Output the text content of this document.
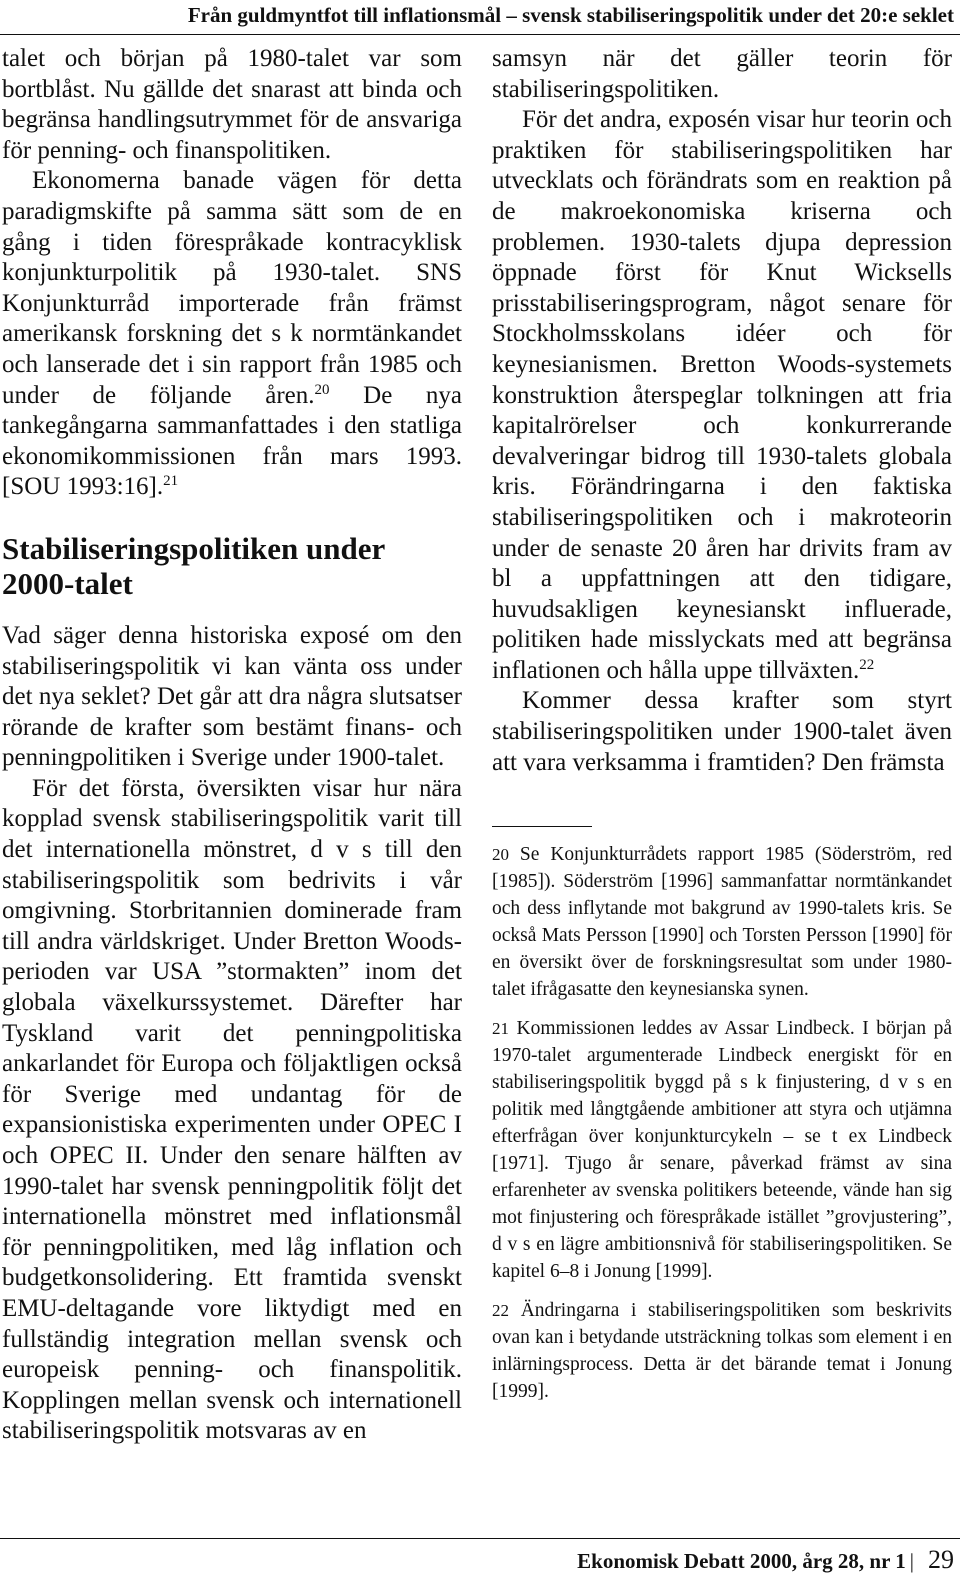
Från guldmyntfot till inflationsmål – svensk stabiliseringspolitik under det 20:e seklet

talet och början på 1980-talet var som bortblåst. Nu gällde det snarast att binda och begränsa handlingsutrymmet för de ansvariga för penning- och finanspolitiken.

Ekonomerna banade vägen för detta paradigmskifte på samma sätt som de en gång i tiden förespråkade kontracyklisk konjunkturpolitik på 1930-talet. SNS Konjunkturråd importerade från främst amerikansk forskning det s k normtänkandet och lanserade det i sin rapport från 1985 och under de följande åren.$^{20}$ De nya tankegångarna sammanfattades i den statliga ekonomikommissionen från mars 1993. [SOU 1993:16].$^{21}$

Stabiliseringspolitiken under 2000-talet

Vad säger denna historiska exposé om den stabiliseringspolitik vi kan vänta oss under det nya seklet? Det går att dra några slutsatser rörande de krafter som bestämt finans- och penningpolitiken i Sverige under 1900-talet.

För det första, översikten visar hur nära kopplad svensk stabiliseringspolitik varit till det internationella mönstret, d v s till den stabiliseringspolitik som bedrivits i vår omgivning. Storbritannien dominerade fram till andra världskriget. Under Bretton Woods-perioden var USA ”stormakten” inom det globala växelkurssystemet. Därefter har Tyskland varit det penningpolitiska ankarlandet för Europa och följaktligen också för Sverige med undantag för de expansionistiska experimenten under OPEC I och OPEC II. Under den senare hälften av 1990-talet har svensk penningpolitik följt det internationella mönstret med inflationsmål för penningpolitiken, med låg inflation och budgetkonsolidering. Ett framtida svenskt EMU-deltagande vore liktydigt med en fullständig integration mellan svensk och europeisk penning- och finanspolitik. Kopplingen mellan svensk och internationell stabiliseringspolitik motsvaras av en

samsyn när det gäller teorin för stabiliseringspolitiken.

För det andra, exposén visar hur teorin och praktiken för stabiliseringspolitiken har utvecklats och förändrats som en reaktion på de makroekonomiska kriserna och problemen. 1930-talets djupa depression öppnade först för Knut Wicksells prisstabiliseringsprogram, något senare för Stockholmsskolans idéer och för keynesianismen. Bretton Woods-systemets konstruktion återspeglar tolkningen att fria kapitalrörelser och konkurrerande devalveringar bidrog till 1930-talets globala kris. Förändringarna i den faktiska stabiliseringspolitiken och i makroteorin under de senaste 20 åren har drivits fram av bl a uppfattningen att den tidigare, huvudsakligen keynesianskt influerade, politiken hade misslyckats med att begränsa inflationen och hålla uppe tillväxten.$^{22}$

Kommer dessa krafter som styrt stabiliseringspolitiken under 1900-talet även att vara verksamma i framtiden? Den främsta

20 Se Konjunkturrådets rapport 1985 (Söderström, red [1985]). Söderström [1996] sammanfattar normtänkandet och dess inflytande mot bakgrund av 1990-talets kris. Se också Mats Persson [1990] och Torsten Persson [1990] för en översikt över de forskningsresultat som under 1980-talet ifrågasatte den keynesianska synen.

21 Kommissionen leddes av Assar Lindbeck. I början på 1970-talet argumenterade Lindbeck energiskt för en stabiliseringspolitik byggd på s k finjustering, d v s en politik med långtgående ambitioner att styra och utjämna efterfrågan över konjunkturcykeln – se t ex Lindbeck [1971]. Tjugo år senare, påverkad främst av sina erfarenheter av svenska politikers beteende, vände han sig mot finjustering och förespråkade istället ”grovjustering”, d v s en lägre ambitionsnivå för stabiliseringspolitiken. Se kapitel 6–8 i Jonung [1999].

22 Ändringarna i stabiliseringspolitiken som beskrivits ovan kan i betydande utsträckning tolkas som element i en inlärningsprocess. Detta är det bärande temat i Jonung [1999].

Ekonomisk Debatt 2000, årg 28, nr 1 | 29
